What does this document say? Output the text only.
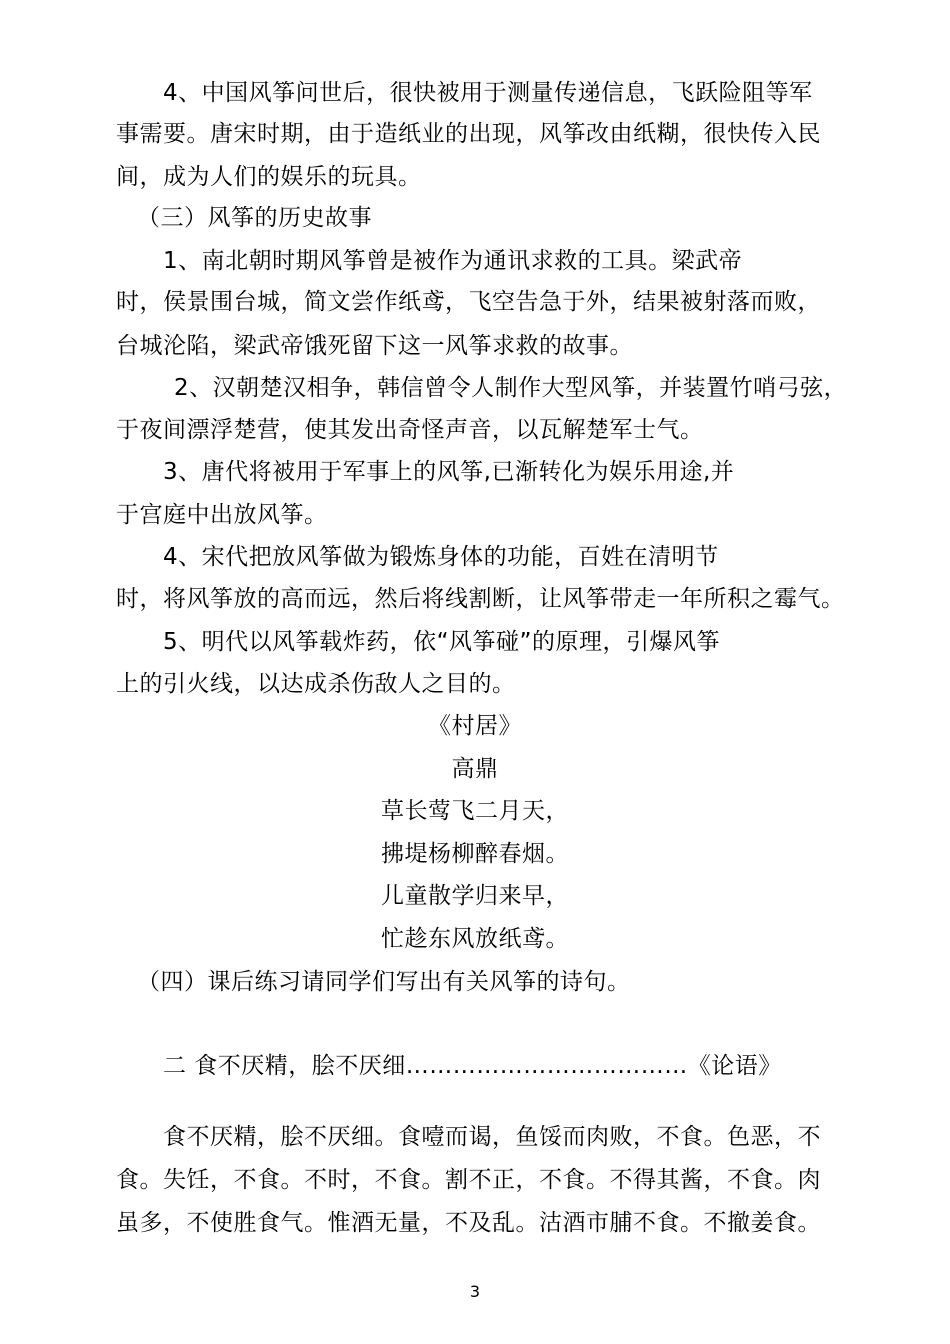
4、中国风筝问世后，很快被用于测量传递信息，飞跃险阻等军
事需要。唐宋时期，由于造纸业的出现，风筝改由纸糊，很快传入民
间，成为人们的娱乐的玩具。
（三）风筝的历史故事
1、南北朝时期风筝曾是被作为通讯求救的工具。梁武帝
时，侯景围台城，简文尝作纸鸢，飞空告急于外，结果被射落而败，
台城沦陷，梁武帝饿死留下这一风筝求救的故事。
2、汉朝楚汉相争，韩信曾令人制作大型风筝，并装置竹哨弓弦，
于夜间漂浮楚营，使其发出奇怪声音，以瓦解楚军士气。
3、唐代将被用于军事上的风筝,已渐转化为娱乐用途,并
于宫庭中出放风筝。
4、宋代把放风筝做为锻炼身体的功能，百姓在清明节
时，将风筝放的高而远，然后将线割断，让风筝带走一年所积之霉气。
5、明代以风筝载炸药，依“风筝碰”的原理，引爆风筝
上的引火线，以达成杀伤敌人之目的。
《村居》
高鼎
草长莺飞二月天，
拂堤杨柳醉春烟。
儿童散学归来早，
忙趁东风放纸鸢。
（四）课后练习请同学们写出有关风筝的诗句。
二 食不厌精，脍不厌细………………………………《论语》
食不厌精，脍不厌细。食噎而谒，鱼馁而肉败，不食。色恶，不
食。失饪，不食。不时，不食。割不正，不食。不得其酱，不食。肉
虽多，不使胜食气。惟酒无量，不及乱。沽酒市脯不食。不撤姜食。
3
